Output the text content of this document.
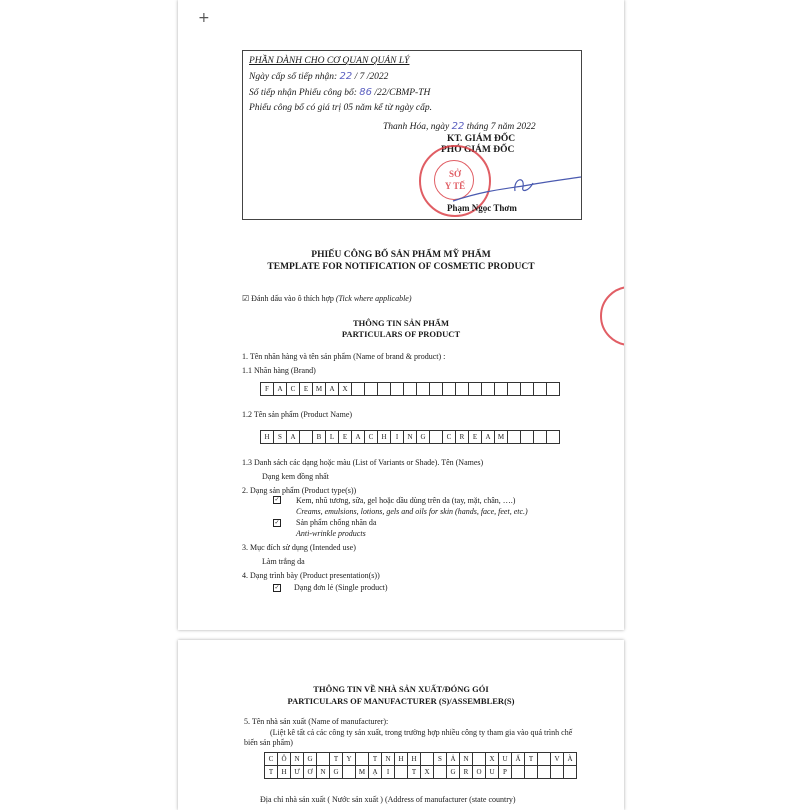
+
PHẦN DÀNH CHO CƠ QUAN QUẢN LÝ
Ngày cấp số tiếp nhận: 22 / 7 /2022
Số tiếp nhận Phiếu công bố: 86 /22/CBMP-TH
Phiếu công bố có giá trị 05 năm kể từ ngày cấp.
Thanh Hóa, ngày 22 tháng 7 năm 2022
KT. GIÁM ĐỐC
PHÓ GIÁM ĐỐC
SỞ
Y TẾ
Phạm Ngọc Thơm
PHIẾU CÔNG BỐ SẢN PHẨM MỸ PHẨM
TEMPLATE FOR NOTIFICATION OF COSMETIC PRODUCT
☑ Đánh dấu vào ô thích hợp (Tick where applicable)
THÔNG TIN SẢN PHẨM
PARTICULARS OF PRODUCT
1. Tên nhãn hàng và tên sản phẩm (Name of brand & product) :
1.1 Nhãn hàng (Brand)
F	A	C	E	M	A	X
1.2 Tên sản phẩm (Product Name)
H	S	A	B	L	E	A	C	H	I	N	G	C	R	E	A	M
1.3 Danh sách các dạng hoặc màu (List of Variants or Shade). Tên (Names)
Dạng kem đồng nhất
2. Dạng sản phẩm (Product type(s))
✓ Kem, nhũ tương, sữa, gel hoặc dầu dùng trên da (tay, mặt, chân, ….)
Creams, emulsions, lotions, gels and oils for skin (hands, face, feet, etc.)
✓ Sản phẩm chống nhăn da
Anti-wrinkle products
3. Mục đích sử dụng (Intended use)
Làm trắng da
4. Dạng trình bày (Product presentation(s))
✓ Dạng đơn lẻ (Single product)
THÔNG TIN VỀ NHÀ SẢN XUẤT/ĐÓNG GÓI
PARTICULARS OF MANUFACTURER (S)/ASSEMBLER(S)
5. Tên nhà sản xuất (Name of manufacturer):
(Liệt kê tất cả các công ty sản xuất, trong trường hợp nhiều công ty tham gia vào quá trình chế
biến sản phẩm)
C	Ô	N	G	T	Y	T	N	H	H	S	Ả	N	X	U	Ấ	T	V	À
T	H	Ư	Ơ	N	G	M	Ạ	I	T	X	G	R	O	U	P
Địa chỉ nhà sản xuất ( Nước sản xuất ) (Address of manufacturer (state country)
